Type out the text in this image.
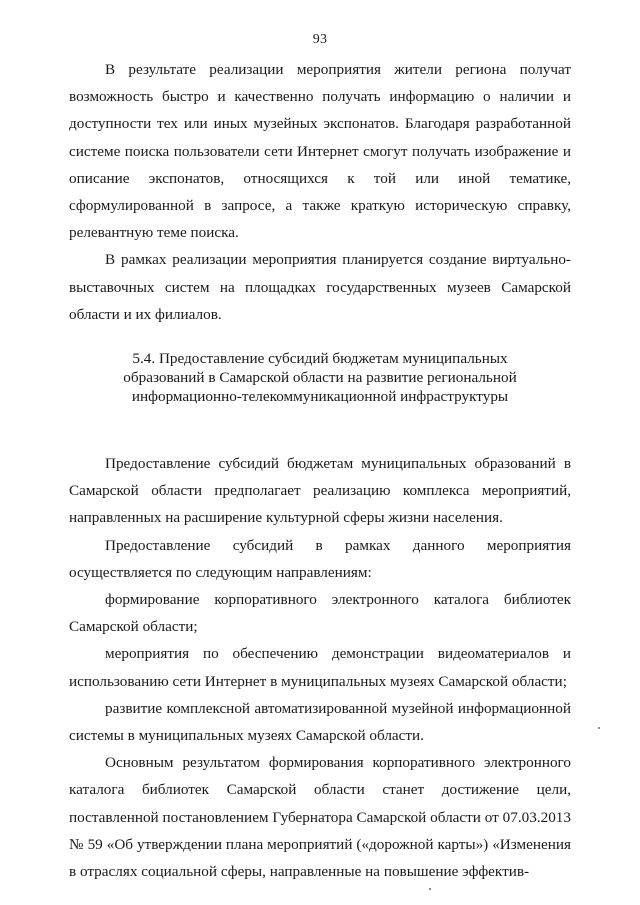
93

В результате реализации мероприятия жители региона получат возможность быстро и качественно получать информацию о наличии и доступности тех или иных музейных экспонатов. Благодаря разработанной системе поиска пользователи сети Интернет смогут получать изображение и описание экспонатов, относящихся к той или иной тематике, сформулированной в запросе, а также краткую историческую справку, релевантную теме поиска.

В рамках реализации мероприятия планируется создание виртуально-выставочных систем на площадках государственных музеев Самарской области и их филиалов.

5.4. Предоставление субсидий бюджетам муниципальных
образований в Самарской области на развитие региональной
информационно-телекоммуникационной инфраструктуры

Предоставление субсидий бюджетам муниципальных образований в Самарской области предполагает реализацию комплекса мероприятий, направленных на расширение культурной сферы жизни населения.

Предоставление субсидий в рамках данного мероприятия осуществляется по следующим направлениям:

формирование корпоративного электронного каталога библиотек Самарской области;

мероприятия по обеспечению демонстрации видеоматериалов и использованию сети Интернет в муниципальных музеях Самарской области;

развитие комплексной автоматизированной музейной информационной системы в муниципальных музеях Самарской области.

Основным результатом формирования корпоративного электронного каталога библиотек Самарской области станет достижение цели, поставленной постановлением Губернатора Самарской области от 07.03.2013 № 59 «Об утверждении плана мероприятий («дорожной карты») «Изменения в отраслях социальной сферы, направленные на повышение эффектив-
